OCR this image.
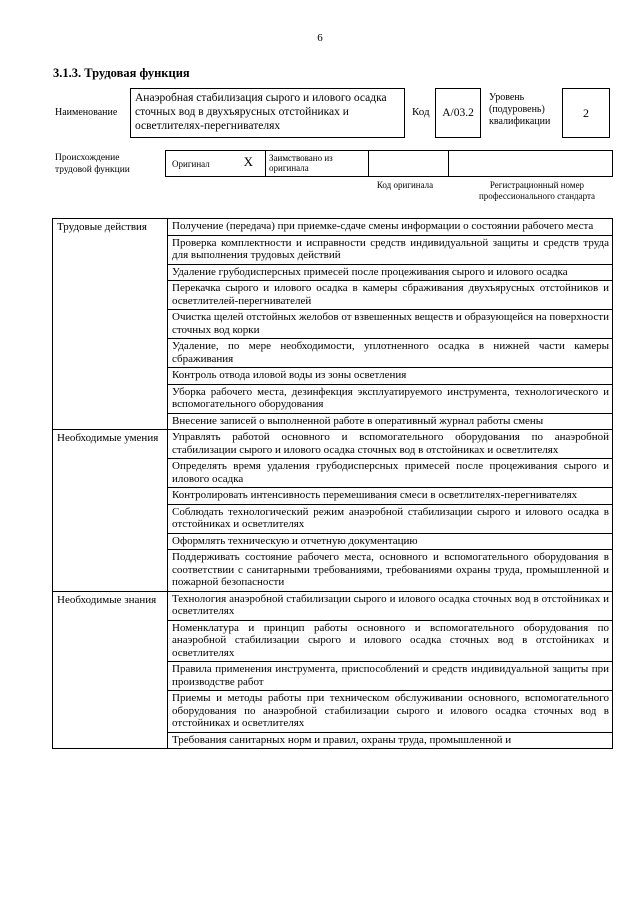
6
3.1.3. Трудовая функция
Наименование
Анаэробная стабилизация сырого и илового осадка сточных вод в двухъярусных отстойниках и осветлителях-перегнивателях
Код A/03.2
Уровень (подуровень) квалификации
2
Происхождение трудовой функции
Оригинал	X	Заимствовано из оригинала
Код оригинала	Регистрационный номер профессионального стандарта
Трудовые действия	Получение (передача) при приемке-сдаче смены информации о состоянии рабочего места
	Проверка комплектности и исправности средств индивидуальной защиты и средств труда для выполнения трудовых действий
	Удаление грубодисперсных примесей после процеживания сырого и илового осадка
	Перекачка сырого и илового осадка в камеры сбраживания двухъярусных отстойников и осветлителей-перегнивателей
	Очистка щелей отстойных желобов от взвешенных веществ и образующейся на поверхности сточных вод корки
	Удаление, по мере необходимости, уплотненного осадка в нижней части камеры сбраживания
	Контроль отвода иловой воды из зоны осветления
	Уборка рабочего места, дезинфекция эксплуатируемого инструмента, технологического и вспомогательного оборудования
	Внесение записей о выполненной работе в оперативный журнал работы смены
Необходимые умения	Управлять работой основного и вспомогательного оборудования по анаэробной стабилизации сырого и илового осадка сточных вод в отстойниках и осветлителях
	Определять время удаления грубодисперсных примесей после процеживания сырого и илового осадка
	Контролировать интенсивность перемешивания смеси в осветлителях-перегнивателях
	Соблюдать технологический режим анаэробной стабилизации сырого и илового осадка в отстойниках и осветлителях
	Оформлять техническую и отчетную документацию
	Поддерживать состояние рабочего места, основного и вспомогательного оборудования в соответствии с санитарными требованиями, требованиями охраны труда, промышленной и пожарной безопасности
Необходимые знания	Технология анаэробной стабилизации сырого и илового осадка сточных вод в отстойниках и осветлителях
	Номенклатура и принцип работы основного и вспомогательного оборудования по анаэробной стабилизации сырого и илового осадка сточных вод в отстойниках и осветлителях
	Правила применения инструмента, приспособлений и средств индивидуальной защиты при производстве работ
	Приемы и методы работы при техническом обслуживании основного, вспомогательного оборудования по анаэробной стабилизации сырого и илового осадка сточных вод в отстойниках и осветлителях
	Требования санитарных норм и правил, охраны труда, промышленной и
